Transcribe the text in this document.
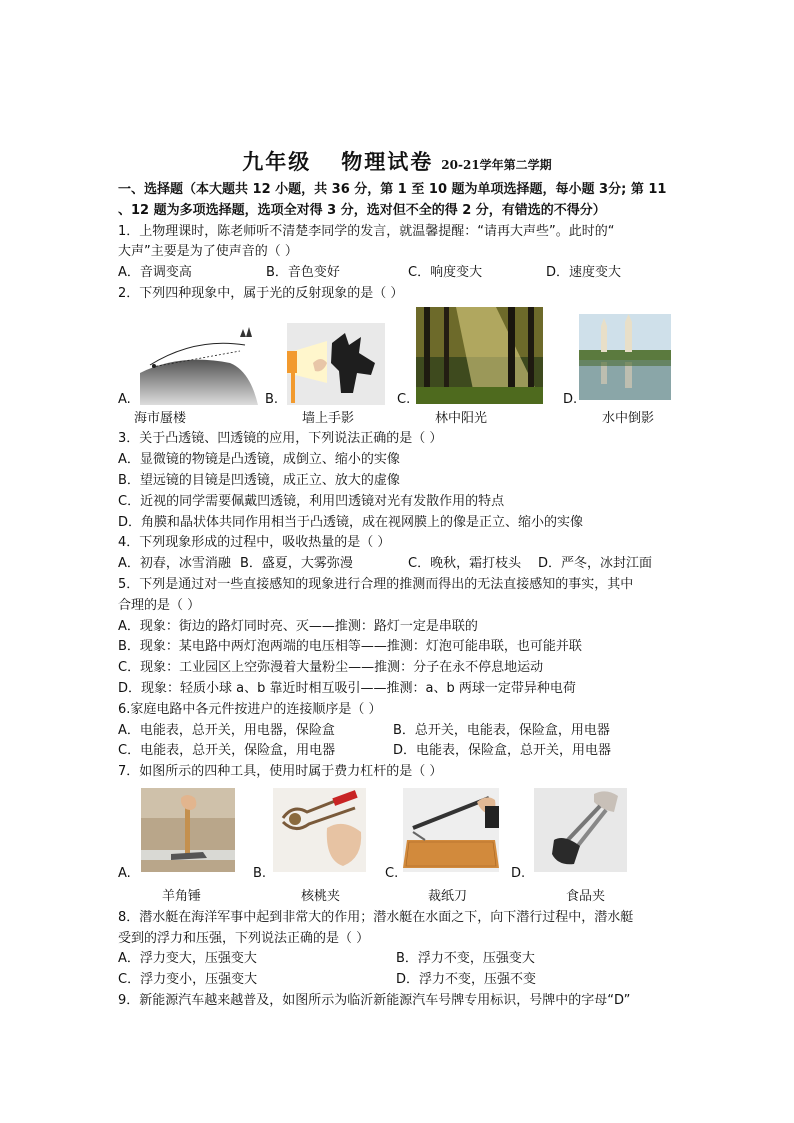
九年级 物理试卷 20-21学年第二学期
一、选择题（本大题共 12 小题，共 36 分，第 1 至 10 题为单项选择题，每小题 3分; 第 11
、12 题为多项选择题，选项全对得 3 分，选对但不全的得 2 分，有错选的不得分）
1．上物理课时，陈老师听不清楚李同学的发言，就温馨提醒：“请再大声些”。此时的“
大声”主要是为了使声音的（ ）
A．音调变高	B．音色变好	C．响度变大	D．速度变大
2．下列四种现象中，属于光的反射现象的是（ ）
A.	B.	C.	D.
海市蜃楼	墙上手影	林中阳光	水中倒影
3．关于凸透镜、凹透镜的应用，下列说法正确的是（ ）
A．显微镜的物镜是凸透镜，成倒立、缩小的实像
B．望远镜的目镜是凹透镜，成正立、放大的虚像
C．近视的同学需要佩戴凹透镜，利用凹透镜对光有发散作用的特点
D．角膜和晶状体共同作用相当于凸透镜，成在视网膜上的像是正立、缩小的实像
4．下列现象形成的过程中，吸收热量的是（ ）
A．初春，冰雪消融 B．盛夏，大雾弥漫	C．晚秋，霜打枝头 D．严冬，冰封江面
5．下列是通过对一些直接感知的现象进行合理的推测而得出的无法直接感知的事实，其中
合理的是（ ）
A．现象：街边的路灯同时亮、灭——推测：路灯一定是串联的
B．现象：某电路中两灯泡两端的电压相等——推测：灯泡可能串联，也可能并联
C．现象：工业园区上空弥漫着大量粉尘——推测：分子在永不停息地运动
D．现象：轻质小球 a、b 靠近时相互吸引——推测：a、b 两球一定带异种电荷
6.家庭电路中各元件按进户的连接顺序是（ ）
A．电能表，总开关，用电器，保险盒	B．总开关，电能表，保险盒，用电器
C．电能表，总开关，保险盒，用电器	D．电能表，保险盒，总开关，用电器
7．如图所示的四种工具，使用时属于费力杠杆的是（ ）
A.	B.	C.	D.
羊角锤	核桃夹	裁纸刀	食品夹
8．潜水艇在海洋军事中起到非常大的作用；潜水艇在水面之下，向下潜行过程中，潜水艇
受到的浮力和压强，下列说法正确的是（ ）
A．浮力变大，压强变大	B．浮力不变，压强变大
C．浮力变小，压强变大	D．浮力不变，压强不变
9．新能源汽车越来越普及，如图所示为临沂新能源汽车号牌专用标识，号牌中的字母“D”
